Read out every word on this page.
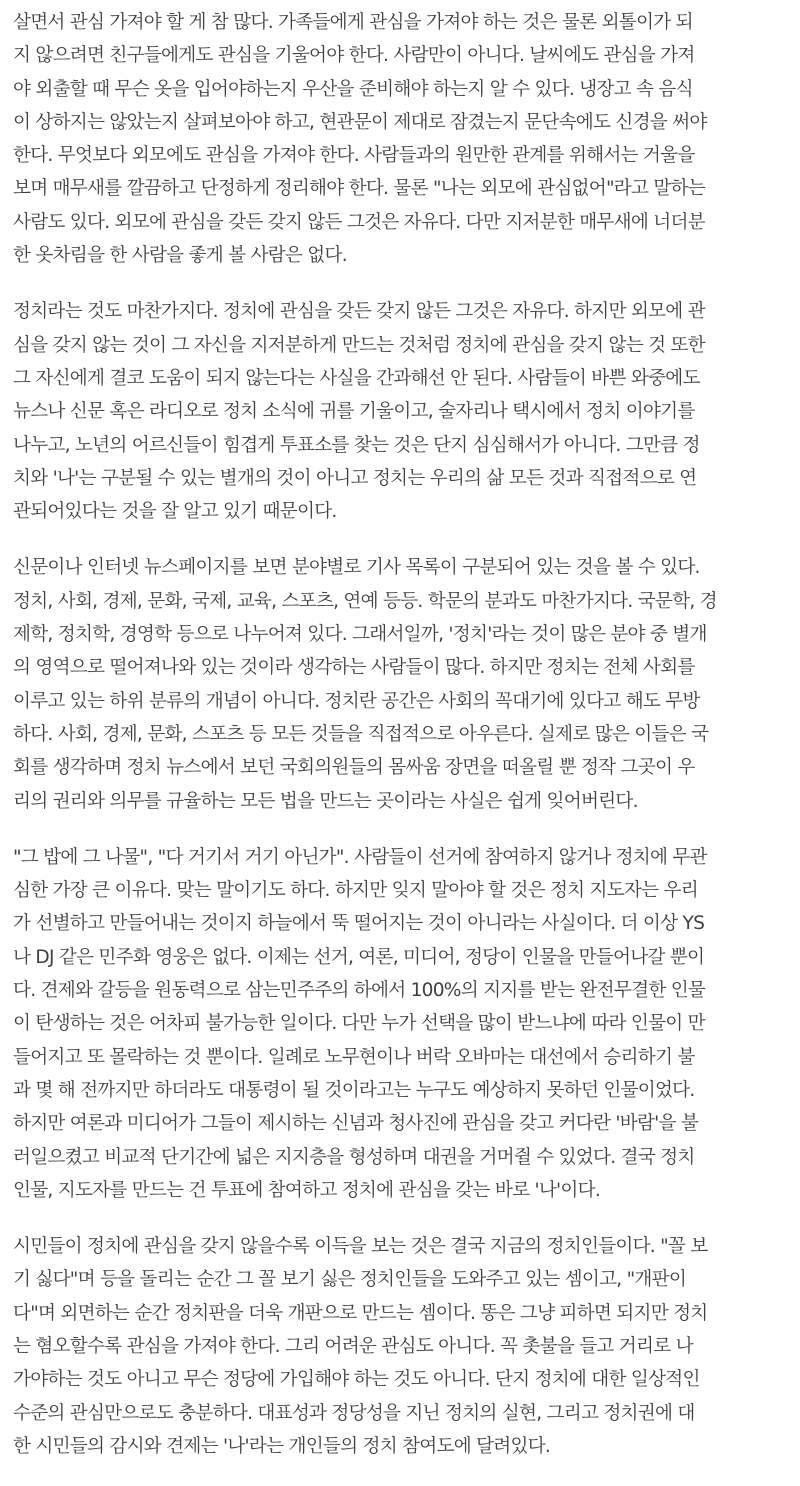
살면서 관심 가져야 할 게 참 많다. 가족들에게 관심을 가져야 하는 것은 물론 외톨이가 되
지 않으려면 친구들에게도 관심을 기울어야 한다. 사람만이 아니다. 날씨에도 관심을 가져
야 외출할 때 무슨 옷을 입어야하는지 우산을 준비해야 하는지 알 수 있다. 냉장고 속 음식
이 상하지는 않았는지 살펴보아야 하고, 현관문이 제대로 잠겼는지 문단속에도 신경을 써야
한다. 무엇보다 외모에도 관심을 가져야 한다. 사람들과의 원만한 관계를 위해서는 거울을
보며 매무새를 깔끔하고 단정하게 정리해야 한다. 물론 "나는 외모에 관심없어"라고 말하는
사람도 있다. 외모에 관심을 갖든 갖지 않든 그것은 자유다. 다만 지저분한 매무새에 너더분
한 옷차림을 한 사람을 좋게 볼 사람은 없다.
정치라는 것도 마찬가지다. 정치에 관심을 갖든 갖지 않든 그것은 자유다. 하지만 외모에 관
심을 갖지 않는 것이 그 자신을 지저분하게 만드는 것처럼 정치에 관심을 갖지 않는 것 또한
그 자신에게 결코 도움이 되지 않는다는 사실을 간과해선 안 된다. 사람들이 바쁜 와중에도
뉴스나 신문 혹은 라디오로 정치 소식에 귀를 기울이고, 술자리나 택시에서 정치 이야기를
나누고, 노년의 어르신들이 힘겹게 투표소를 찾는 것은 단지 심심해서가 아니다. 그만큼 정
치와 '나'는 구분될 수 있는 별개의 것이 아니고 정치는 우리의 삶 모든 것과 직접적으로 연
관되어있다는 것을 잘 알고 있기 때문이다.
신문이나 인터넷 뉴스페이지를 보면 분야별로 기사 목록이 구분되어 있는 것을 볼 수 있다.
정치, 사회, 경제, 문화, 국제, 교육, 스포츠, 연예 등등. 학문의 분과도 마찬가지다. 국문학, 경
제학, 정치학, 경영학 등으로 나누어져 있다. 그래서일까, '정치'라는 것이 많은 분야 중 별개
의 영역으로 떨어져나와 있는 것이라 생각하는 사람들이 많다. 하지만 정치는 전체 사회를
이루고 있는 하위 분류의 개념이 아니다. 정치란 공간은 사회의 꼭대기에 있다고 해도 무방
하다. 사회, 경제, 문화, 스포츠 등 모든 것들을 직접적으로 아우른다. 실제로 많은 이들은 국
회를 생각하며 정치 뉴스에서 보던 국회의원들의 몸싸움 장면을 떠올릴 뿐 정작 그곳이 우
리의 권리와 의무를 규율하는 모든 법을 만드는 곳이라는 사실은 쉽게 잊어버린다.
"그 밥에 그 나물", "다 거기서 거기 아닌가". 사람들이 선거에 참여하지 않거나 정치에 무관
심한 가장 큰 이유다. 맞는 말이기도 하다. 하지만 잊지 말아야 할 것은 정치 지도자는 우리
가 선별하고 만들어내는 것이지 하늘에서 뚝 떨어지는 것이 아니라는 사실이다. 더 이상 YS
나 DJ 같은 민주화 영웅은 없다. 이제는 선거, 여론, 미디어, 정당이 인물을 만들어나갈 뿐이
다. 견제와 갈등을 원동력으로 삼는민주주의 하에서 100%의 지지를 받는 완전무결한 인물
이 탄생하는 것은 어차피 불가능한 일이다. 다만 누가 선택을 많이 받느냐에 따라 인물이 만
들어지고 또 몰락하는 것 뿐이다. 일례로 노무현이나 버락 오바마는 대선에서 승리하기 불
과 몇 해 전까지만 하더라도 대통령이 될 것이라고는 누구도 예상하지 못하던 인물이었다.
하지만 여론과 미디어가 그들이 제시하는 신념과 청사진에 관심을 갖고 커다란 '바람'을 불
러일으켰고 비교적 단기간에 넓은 지지층을 형성하며 대권을 거머쥘 수 있었다. 결국 정치
인물, 지도자를 만드는 건 투표에 참여하고 정치에 관심을 갖는 바로 '나'이다.
시민들이 정치에 관심을 갖지 않을수록 이득을 보는 것은 결국 지금의 정치인들이다. "꼴 보
기 싫다"며 등을 돌리는 순간 그 꼴 보기 싫은 정치인들을 도와주고 있는 셈이고, "개판이
다"며 외면하는 순간 정치판을 더욱 개판으로 만드는 셈이다. 똥은 그냥 피하면 되지만 정치
는 혐오할수록 관심을 가져야 한다. 그리 어려운 관심도 아니다. 꼭 촛불을 들고 거리로 나
가야하는 것도 아니고 무슨 정당에 가입해야 하는 것도 아니다. 단지 정치에 대한 일상적인
수준의 관심만으로도 충분하다. 대표성과 정당성을 지닌 정치의 실현, 그리고 정치권에 대
한 시민들의 감시와 견제는 '나'라는 개인들의 정치 참여도에 달려있다.
